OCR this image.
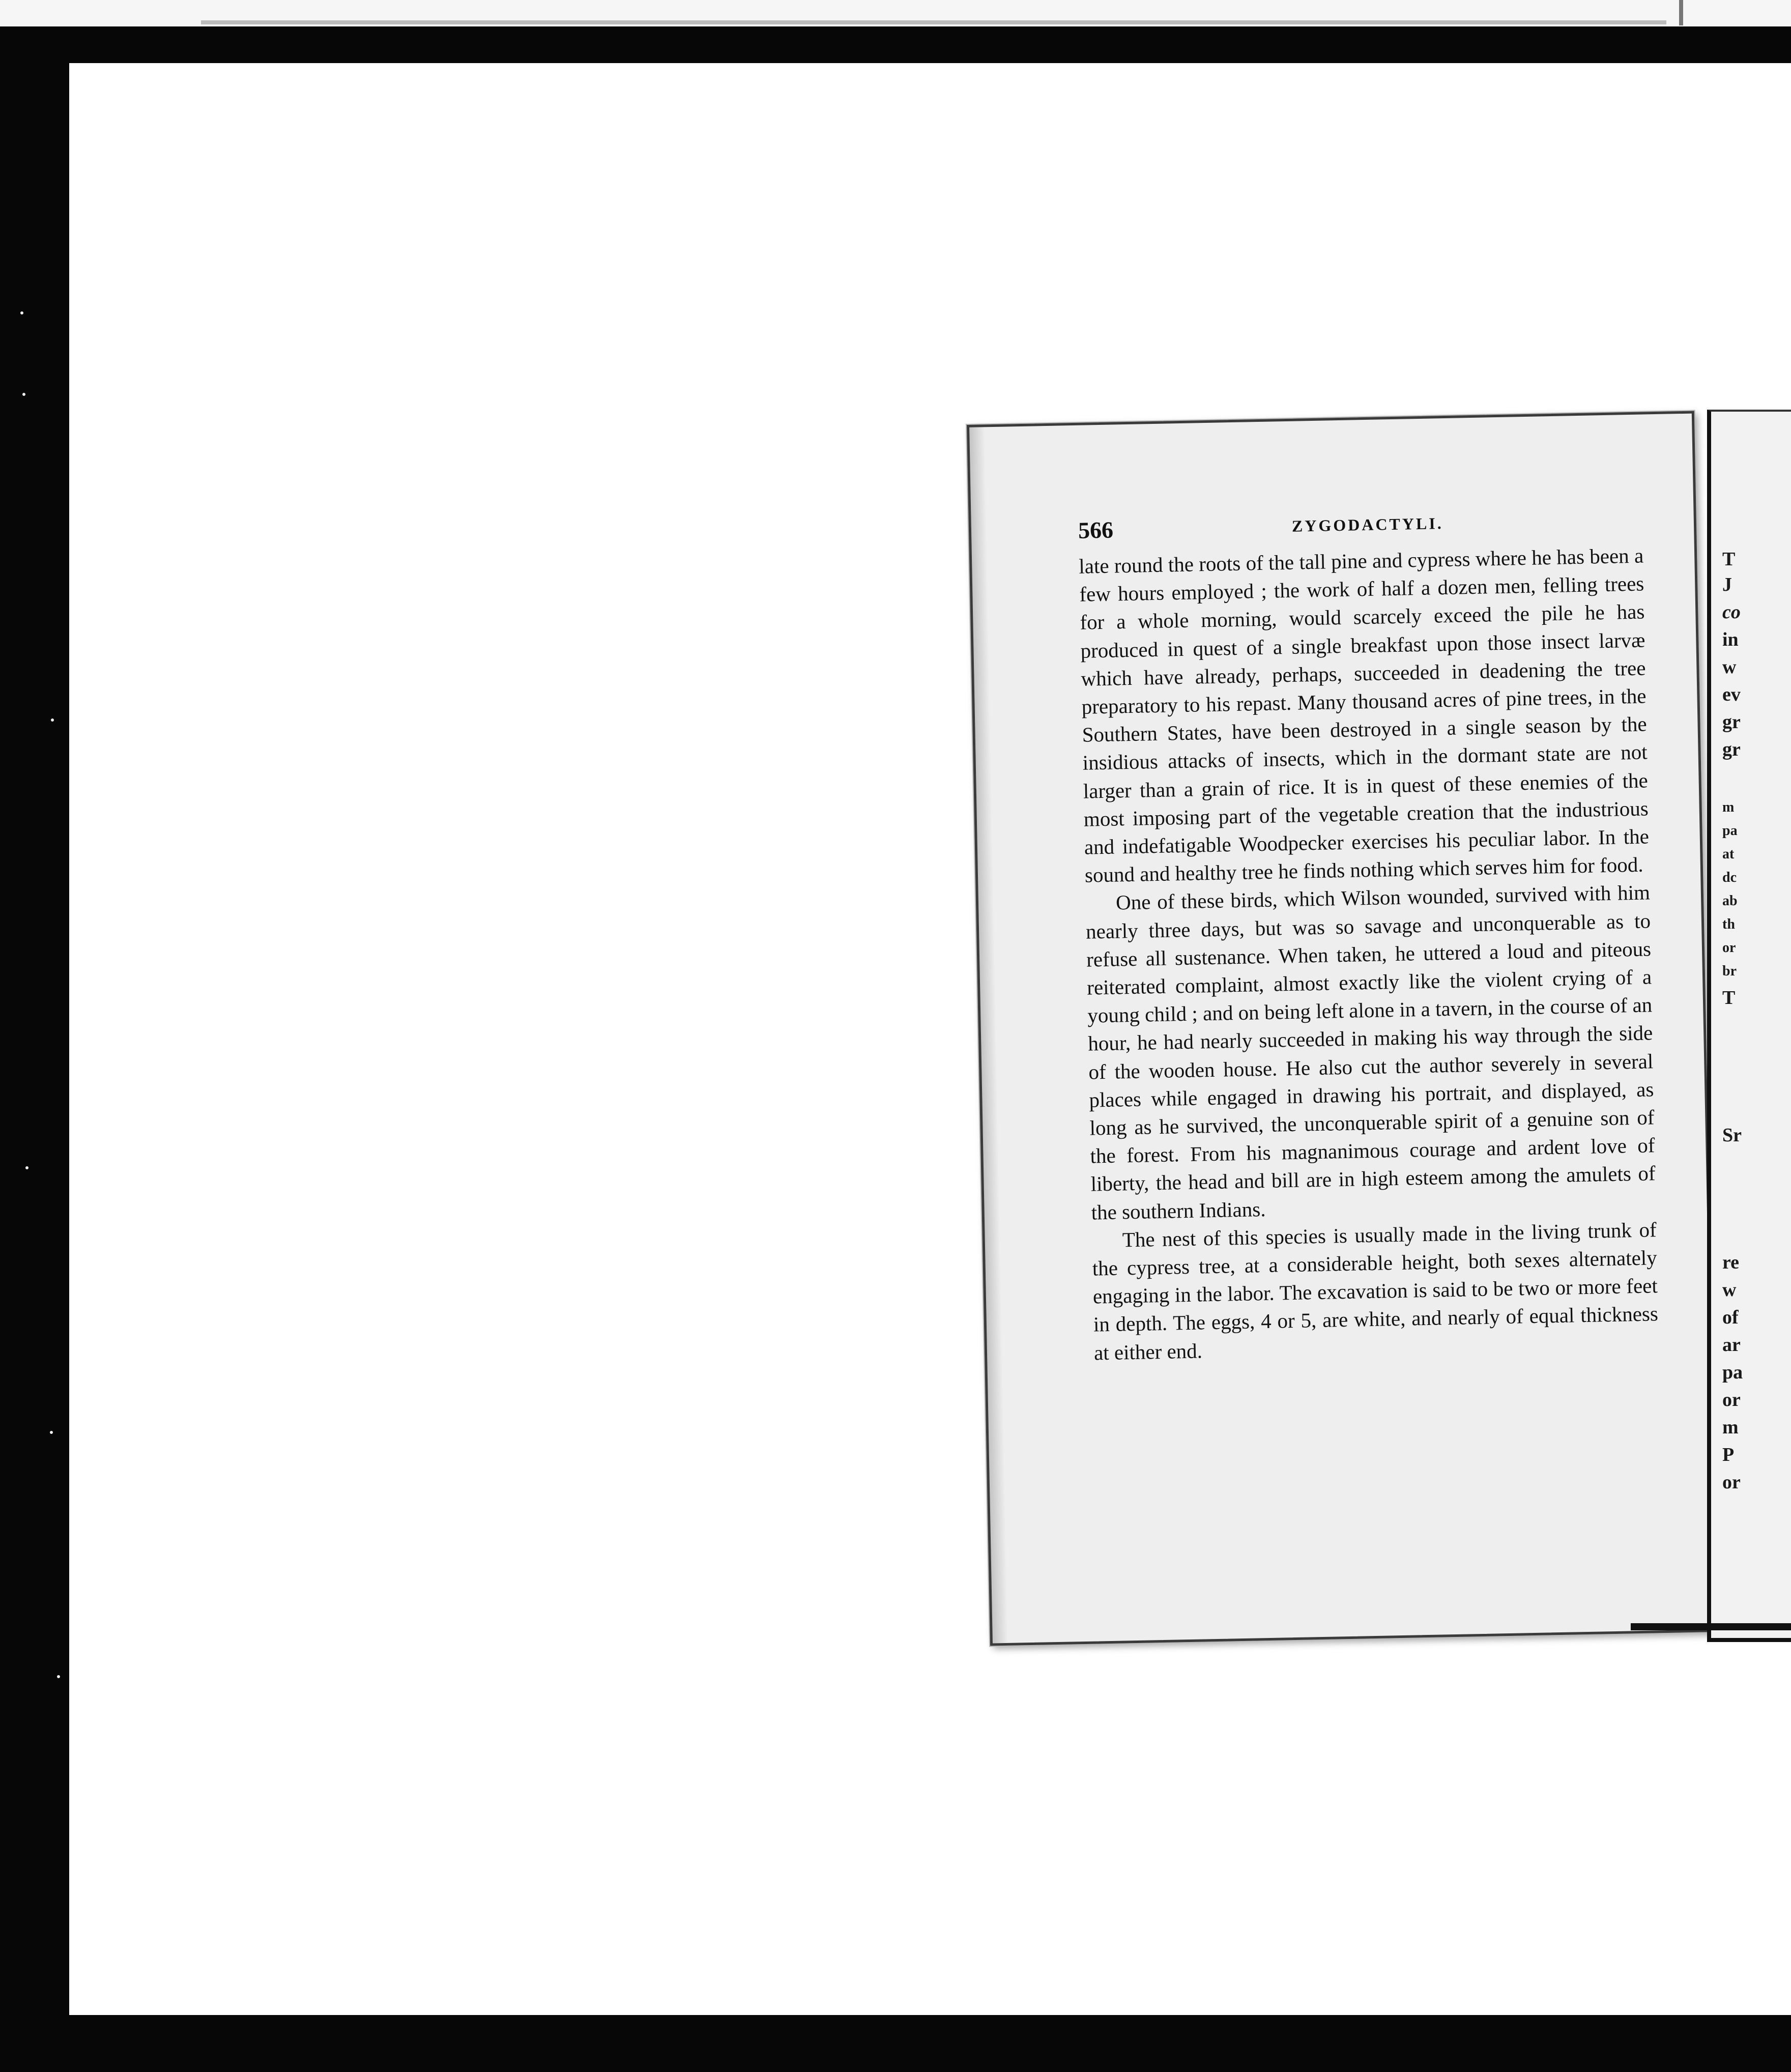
566	ZYGODACTYLI.

late round the roots of the tall pine and cypress where he has been a few hours employed ; the work of half a dozen men, felling trees for a whole morning, would scarcely exceed the pile he has produced in quest of a single breakfast upon those insect larvæ which have already, perhaps, succeeded in deadening the tree preparatory to his repast. Many thousand acres of pine trees, in the Southern States, have been destroyed in a single season by the insidious attacks of insects, which in the dormant state are not larger than a grain of rice. It is in quest of these enemies of the most imposing part of the vegetable creation that the industrious and indefatigable Woodpecker exercises his peculiar labor. In the sound and healthy tree he finds nothing which serves him for food.

One of these birds, which Wilson wounded, survived with him nearly three days, but was so savage and unconquerable as to refuse all sustenance. When taken, he uttered a loud and piteous reiterated complaint, almost exactly like the violent crying of a young child ; and on being left alone in a tavern, in the course of an hour, he had nearly succeeded in making his way through the side of the wooden house. He also cut the author severely in several places while engaged in drawing his portrait, and displayed, as long as he survived, the unconquerable spirit of a genuine son of the forest. From his magnanimous courage and ardent love of liberty, the head and bill are in high esteem among the amulets of the southern Indians.

The nest of this species is usually made in the living trunk of the cypress tree, at a considerable height, both sexes alternately engaging in the labor. The excavation is said to be two or more feet in depth. The eggs, 4 or 5, are white, and nearly of equal thickness at either end.

T
J
co
in
w
ev
gr
gr
m
pa
at
dc
ab
th
or
br
T
Sr
re
w
of
ar
pa
or
m
P
or
